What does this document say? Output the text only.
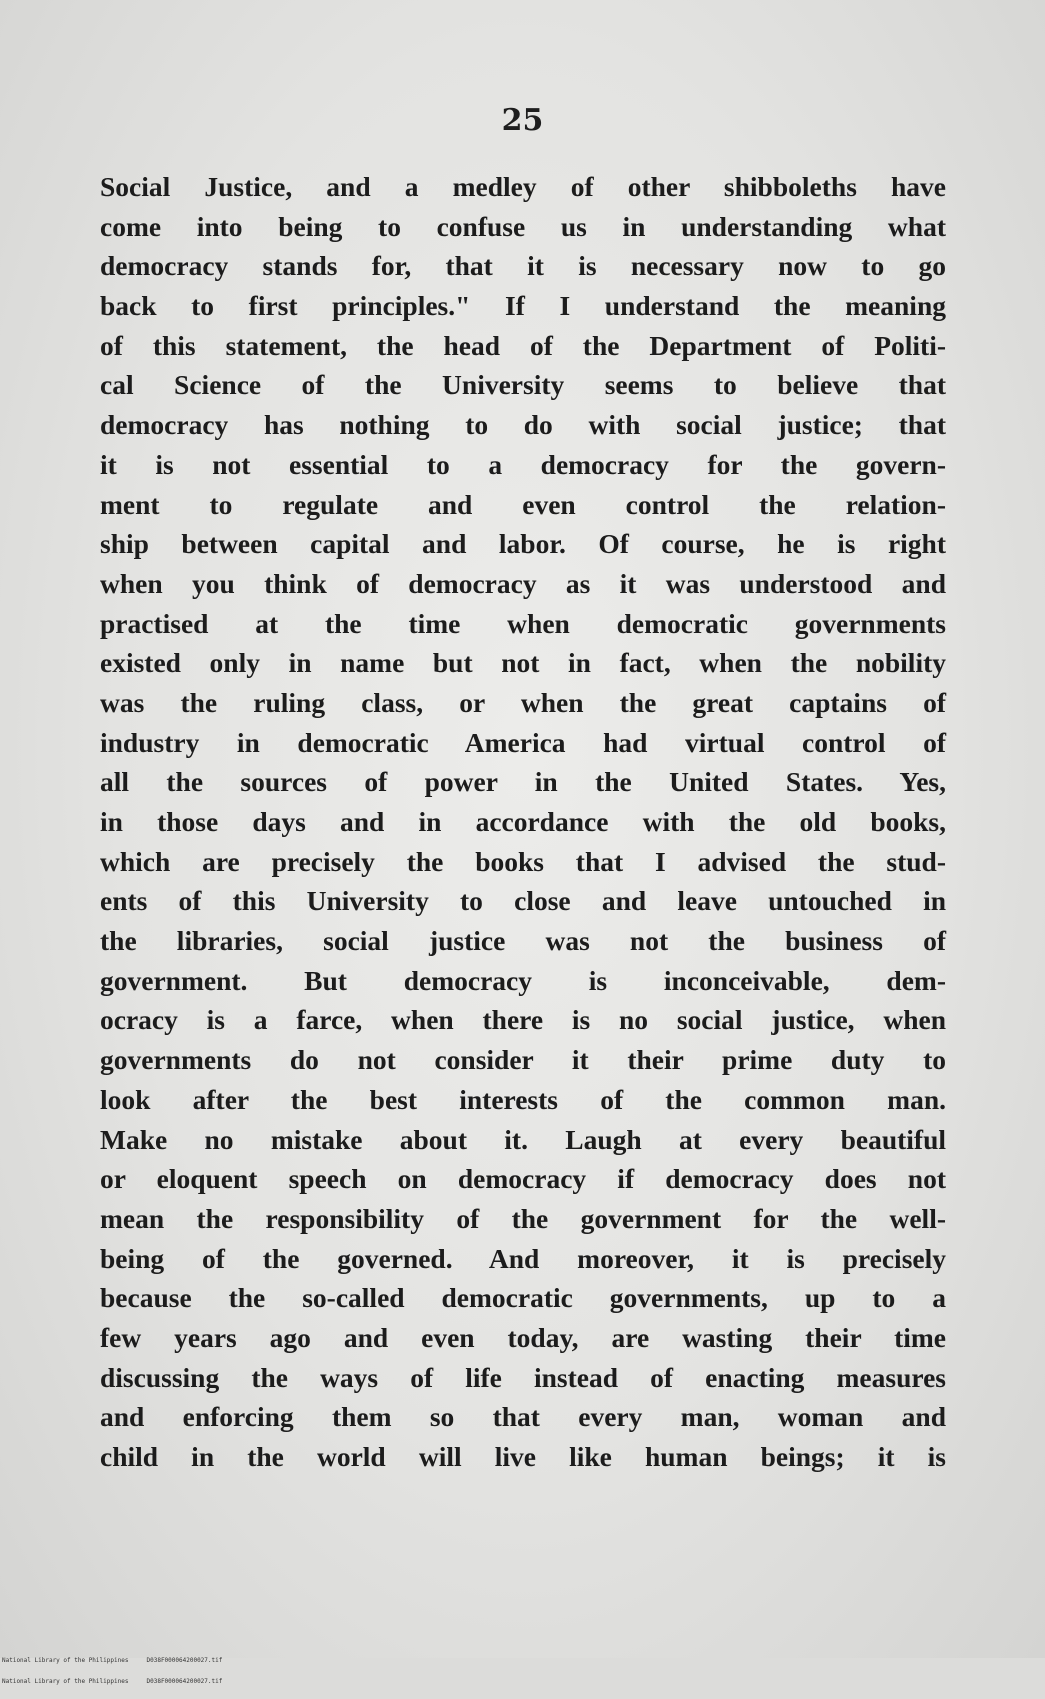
25
Social Justice, and a medley of other shibboleths have
come into being to confuse us in understanding what
democracy stands for, that it is necessary now to go
back to first principles." If I understand the meaning
of this statement, the head of the Department of Politi-
cal Science of the University seems to believe that
democracy has nothing to do with social justice; that
it is not essential to a democracy for the govern-
ment to regulate and even control the relation-
ship between capital and labor. Of course, he is right
when you think of democracy as it was understood and
practised at the time when democratic governments
existed only in name but not in fact, when the nobility
was the ruling class, or when the great captains of
industry in democratic America had virtual control of
all the sources of power in the United States. Yes,
in those days and in accordance with the old books,
which are precisely the books that I advised the stud-
ents of this University to close and leave untouched in
the libraries, social justice was not the business of
government. But democracy is inconceivable, dem-
ocracy is a farce, when there is no social justice, when
governments do not consider it their prime duty to
look after the best interests of the common man.
Make no mistake about it. Laugh at every beautiful
or eloquent speech on democracy if democracy does not
mean the responsibility of the government for the well-
being of the governed. And moreover, it is precisely
because the so-called democratic governments, up to a
few years ago and even today, are wasting their time
discussing the ways of life instead of enacting measures
and enforcing them so that every man, woman and
child in the world will live like human beings; it is

National Library of the Philippines     D038F000064200027.tif

National Library of the Philippines     D038F000064200027.tif
